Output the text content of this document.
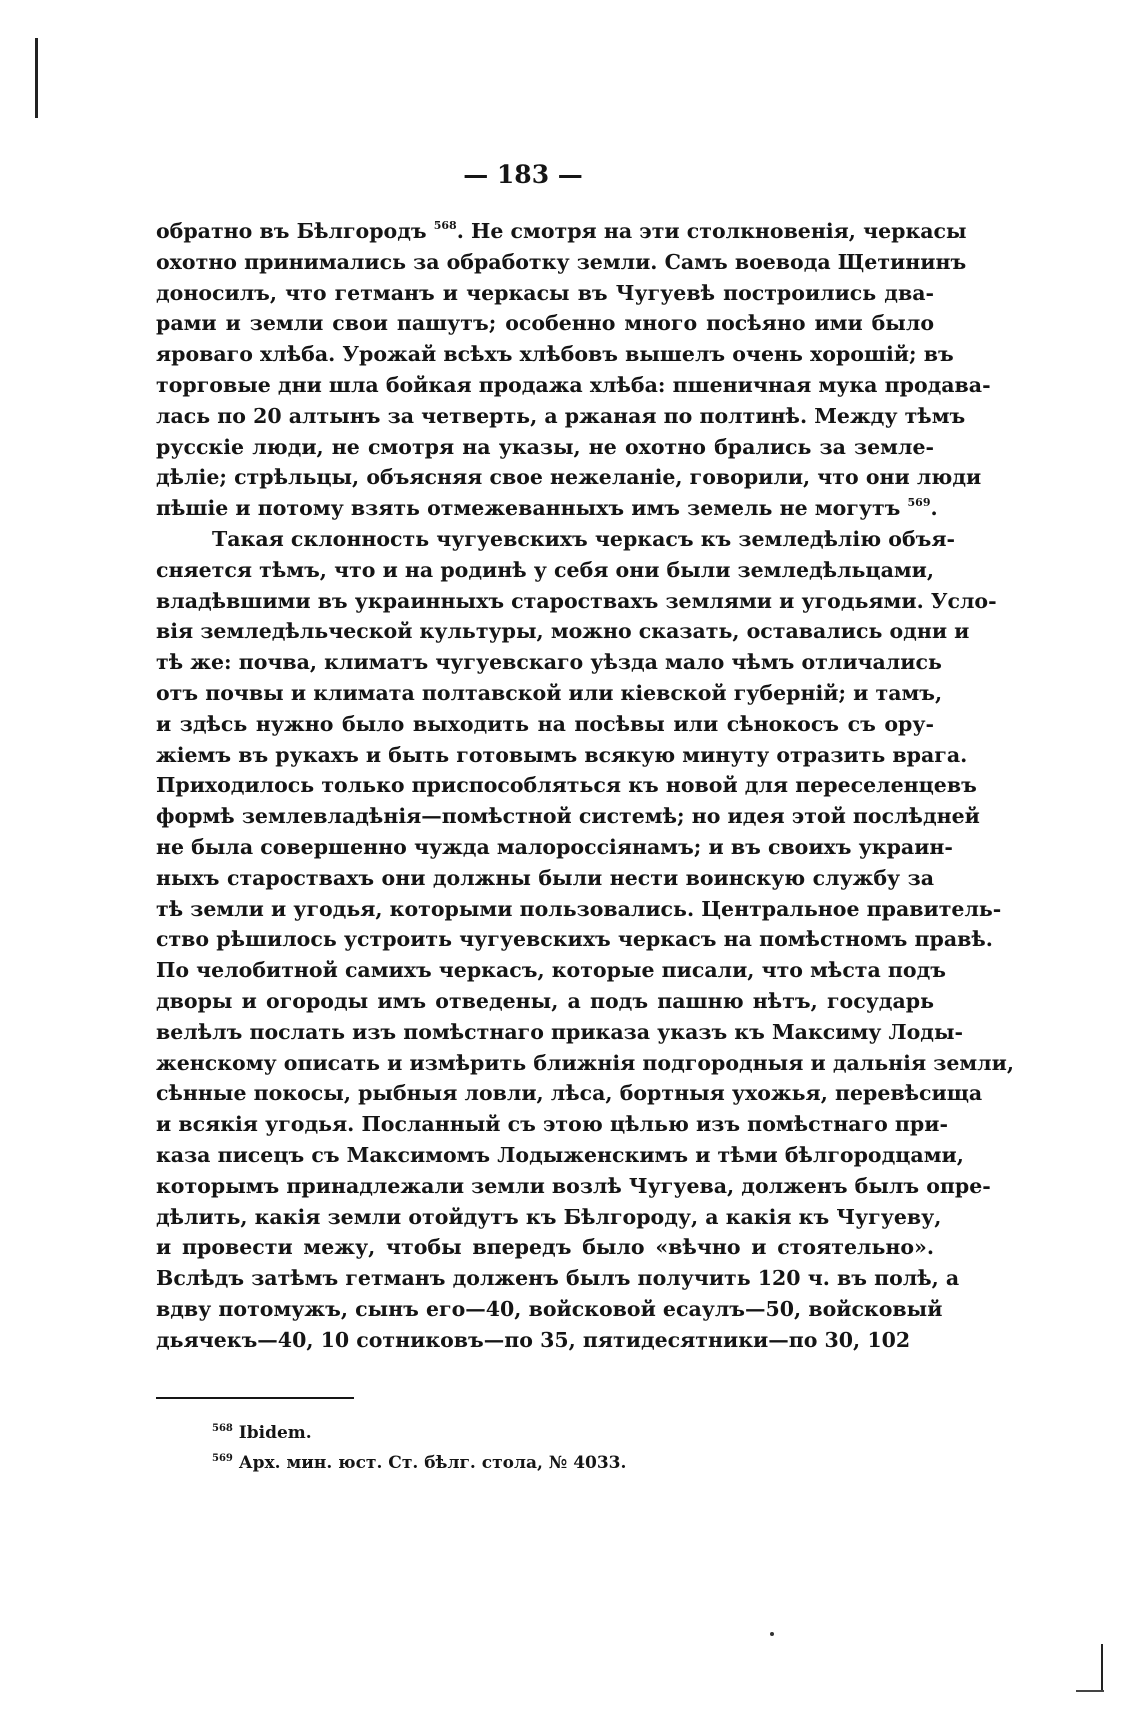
— 183 —
обратно въ Бѣлгородъ $^{568}$. Не смотря на эти столкновенія, черкасы
охотно принимались за обработку земли. Самъ воевода Щетининъ
доносилъ, что гетманъ и черкасы въ Чугуевѣ построились два-
рами и земли свои пашутъ; особенно много посѣяно ими было
яроваго хлѣба. Урожай всѣхъ хлѣбовъ вышелъ очень хорошій; въ
торговые дни шла бойкая продажа хлѣба: пшеничная мука продава-
лась по 20 алтынъ за четверть, а ржаная по полтинѣ. Между тѣмъ
русскіе люди, не смотря на указы, не охотно брались за земле-
дѣліе; стрѣльцы, объясняя свое нежеланіе, говорили, что они люди
пѣшіе и потому взять отмежеванныхъ имъ земель не могутъ $^{569}$.
Такая склонность чугуевскихъ черкасъ къ земледѣлію объя-
сняется тѣмъ, что и на родинѣ у себя они были земледѣльцами,
владѣвшими въ украинныхъ староствахъ землями и угодьями. Усло-
вія земледѣльческой культуры, можно сказать, оставались одни и
тѣ же: почва, климатъ чугуевскаго уѣзда мало чѣмъ отличались
отъ почвы и климата полтавской или кіевской губерній; и тамъ,
и здѣсь нужно было выходить на посѣвы или сѣнокосъ съ ору-
жіемъ въ рукахъ и быть готовымъ всякую минуту отразить врага.
Приходилось только приспособляться къ новой для переселенцевъ
формѣ землевладѣнія—помѣстной системѣ; но идея этой послѣдней
не была совершенно чужда малороссіянамъ; и въ своихъ украин-
ныхъ староствахъ они должны были нести воинскую службу за
тѣ земли и угодья, которыми пользовались. Центральное правитель-
ство рѣшилось устроить чугуевскихъ черкасъ на помѣстномъ правѣ.
По челобитной самихъ черкасъ, которые писали, что мѣста подъ
дворы и огороды имъ отведены, а подъ пашню нѣтъ, государь
велѣлъ послать изъ помѣстнаго приказа указъ къ Максиму Лоды-
женскому описать и измѣрить ближнія подгородныя и дальнія земли,
сѣнные покосы, рыбныя ловли, лѣса, бортныя ухожья, перевѣсища
и всякія угодья. Посланный съ этою цѣлью изъ помѣстнаго при-
каза писецъ съ Максимомъ Лодыженскимъ и тѣми бѣлгородцами,
которымъ принадлежали земли возлѣ Чугуева, долженъ былъ опре-
дѣлить, какія земли отойдутъ къ Бѣлгороду, а какія къ Чугуеву,
и провести межу, чтобы впередъ было «вѣчно и стоятельно».
Вслѣдъ затѣмъ гетманъ долженъ былъ получить 120 ч. въ полѣ, а
вдву потомужъ, сынъ его—40, войсковой есаулъ—50, войсковый
дьячекъ—40, 10 сотниковъ—по 35, пятидесятники—по 30, 102
$^{568}$ Ibidem.
$^{569}$ Арх. мин. юст. Ст. бѣлг. стола, № 4033.
